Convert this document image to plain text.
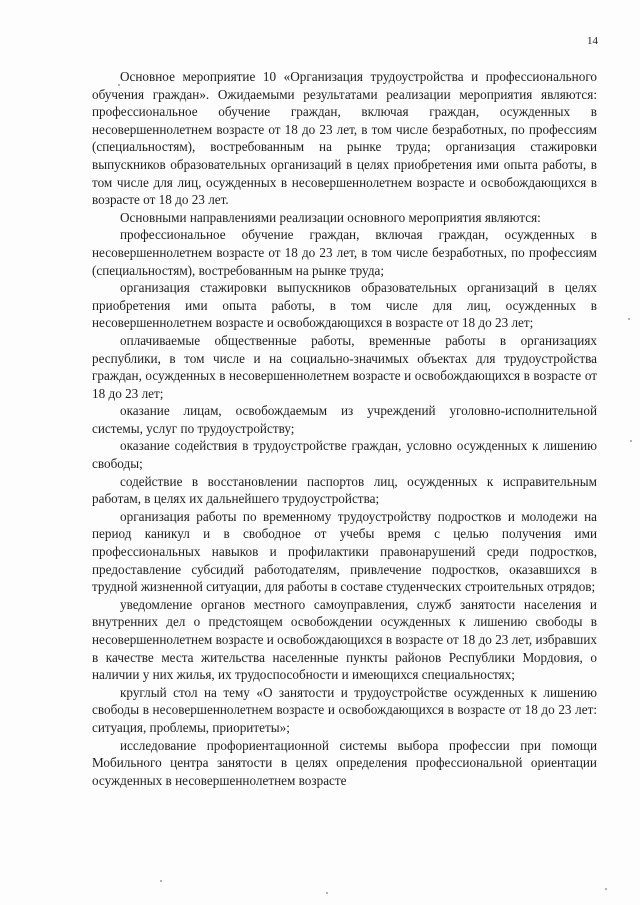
14

Основное мероприятие 10 «Организация трудоустройства и профессионального обучения граждан». Ожидаемыми результатами реализации мероприятия являются: профессиональное обучение граждан, включая граждан, осужденных в несовершеннолетнем возрасте от 18 до 23 лет, в том числе безработных, по профессиям (специальностям), востребованным на рынке труда; организация стажировки выпускников образовательных организаций в целях приобретения ими опыта работы, в том числе для лиц, осужденных в несовершеннолетнем возрасте и освобождающихся в возрасте от 18 до 23 лет.

Основными направлениями реализации основного мероприятия являются:

профессиональное обучение граждан, включая граждан, осужденных в несовершеннолетнем возрасте от 18 до 23 лет, в том числе безработных, по профессиям (специальностям), востребованным на рынке труда;

организация стажировки выпускников образовательных организаций в целях приобретения ими опыта работы, в том числе для лиц, осужденных в несовершеннолетнем возрасте и освобождающихся в возрасте от 18 до 23 лет;

оплачиваемые общественные работы, временные работы в организациях республики, в том числе и на социально-значимых объектах для трудоустройства граждан, осужденных в несовершеннолетнем возрасте и освобождающихся в возрасте от 18 до 23 лет;

оказание лицам, освобождаемым из учреждений уголовно-исполнительной системы, услуг по трудоустройству;

оказание содействия в трудоустройстве граждан, условно осужденных к лишению свободы;

содействие в восстановлении паспортов лиц, осужденных к исправительным работам, в целях их дальнейшего трудоустройства;

организация работы по временному трудоустройству подростков и молодежи на период каникул и в свободное от учебы время с целью получения ими профессиональных навыков и профилактики правонарушений среди подростков, предоставление субсидий работодателям, привлечение подростков, оказавшихся в трудной жизненной ситуации, для работы в составе студенческих строительных отрядов;

уведомление органов местного самоуправления, служб занятости населения и внутренних дел о предстоящем освобождении осужденных к лишению свободы в несовершеннолетнем возрасте и освобождающихся в возрасте от 18 до 23 лет, избравших в качестве места жительства населенные пункты районов Республики Мордовия, о наличии у них жилья, их трудоспособности и имеющихся специальностях;

круглый стол на тему «О занятости и трудоустройстве осужденных к лишению свободы в несовершеннолетнем возрасте и освобождающихся в возрасте от 18 до 23 лет: ситуация, проблемы, приоритеты»;

исследование профориентационной системы выбора профессии при помощи Мобильного центра занятости в целях определения профессиональной ориентации осужденных в несовершеннолетнем возрасте
